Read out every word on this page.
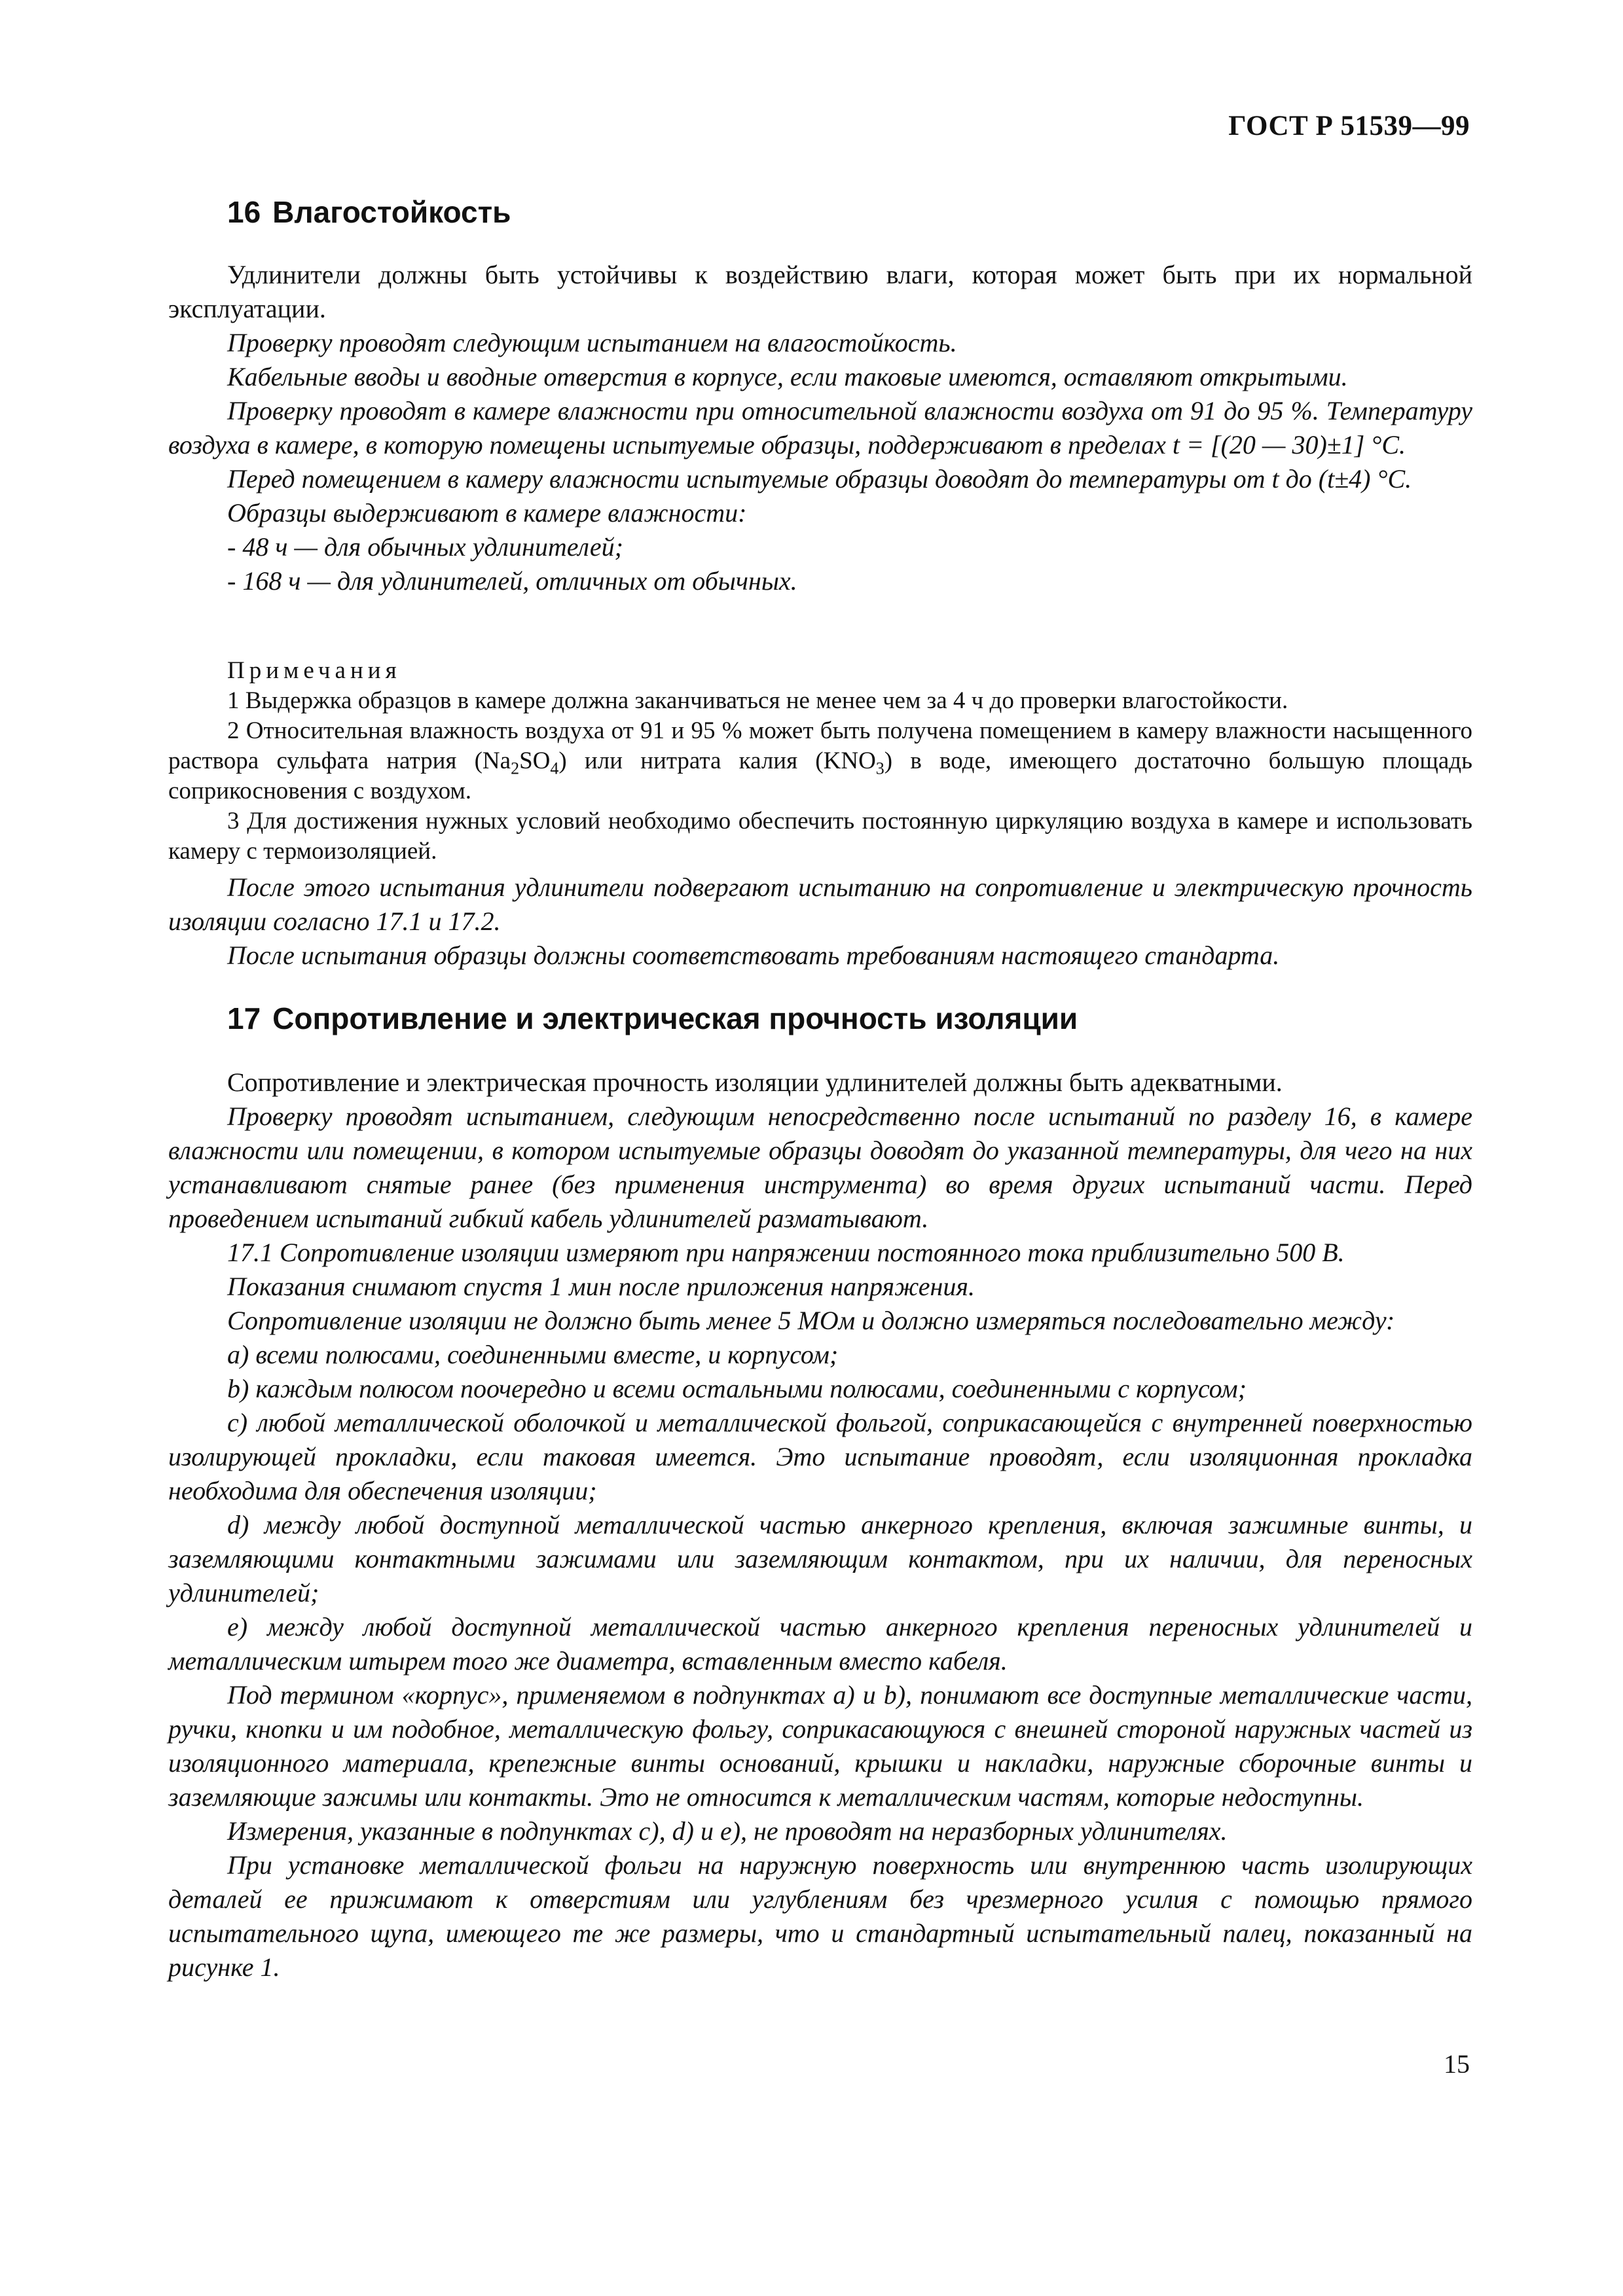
ГОСТ Р 51539—99
16 Влагостойкость

Удлинители должны быть устойчивы к воздействию влаги, которая может быть при их нормальной эксплуатации.

Проверку проводят следующим испытанием на влагостойкость.

Кабельные вводы и вводные отверстия в корпусе, если таковые имеются, оставляют открытыми.

Проверку проводят в камере влажности при относительной влажности воздуха от 91 до 95 %. Температуру воздуха в камере, в которую помещены испытуемые образцы, поддерживают в пределах t = [(20 — 30)±1] °C.

Перед помещением в камеру влажности испытуемые образцы доводят до температуры от t до (t±4) °C.

Образцы выдерживают в камере влажности:

- 48 ч — для обычных удлинителей;

- 168 ч — для удлинителей, отличных от обычных.

Примечания

1 Выдержка образцов в камере должна заканчиваться не менее чем за 4 ч до проверки влагостойкости.

2 Относительная влажность воздуха от 91 и 95 % может быть получена помещением в камеру влажности насыщенного раствора сульфата натрия $(Na_2SO_4)$ или нитрата калия $(KNO_3)$ в воде, имеющего достаточно большую площадь соприкосновения с воздухом.

3 Для достижения нужных условий необходимо обеспечить постоянную циркуляцию воздуха в камере и использовать камеру с термоизоляцией.

После этого испытания удлинители подвергают испытанию на сопротивление и электрическую прочность изоляции согласно 17.1 и 17.2.

После испытания образцы должны соответствовать требованиям настоящего стандарта.

17 Сопротивление и электрическая прочность изоляции

Сопротивление и электрическая прочность изоляции удлинителей должны быть адекватными.

Проверку проводят испытанием, следующим непосредственно после испытаний по разделу 16, в камере влажности или помещении, в котором испытуемые образцы доводят до указанной температуры, для чего на них устанавливают снятые ранее (без применения инструмента) во время других испытаний части. Перед проведением испытаний гибкий кабель удлинителей разматывают.

17.1 Сопротивление изоляции измеряют при напряжении постоянного тока приблизительно 500 В.

Показания снимают спустя 1 мин после приложения напряжения.

Сопротивление изоляции не должно быть менее 5 МОм и должно измеряться последовательно между:

a) всеми полюсами, соединенными вместе, и корпусом;

b) каждым полюсом поочередно и всеми остальными полюсами, соединенными с корпусом;

c) любой металлической оболочкой и металлической фольгой, соприкасающейся с внутренней поверхностью изолирующей прокладки, если таковая имеется. Это испытание проводят, если изоляционная прокладка необходима для обеспечения изоляции;

d) между любой доступной металлической частью анкерного крепления, включая зажимные винты, и заземляющими контактными зажимами или заземляющим контактом, при их наличии, для переносных удлинителей;

e) между любой доступной металлической частью анкерного крепления переносных удлинителей и металлическим штырем того же диаметра, вставленным вместо кабеля.

Под термином «корпус», применяемом в подпунктах a) и b), понимают все доступные металлические части, ручки, кнопки и им подобное, металлическую фольгу, соприкасающуюся с внешней стороной наружных частей из изоляционного материала, крепежные винты оснований, крышки и накладки, наружные сборочные винты и заземляющие зажимы или контакты. Это не относится к металлическим частям, которые недоступны.

Измерения, указанные в подпунктах c), d) и e), не проводят на неразборных удлинителях.

При установке металлической фольги на наружную поверхность или внутреннюю часть изолирующих деталей ее прижимают к отверстиям или углублениям без чрезмерного усилия с помощью прямого испытательного щупа, имеющего те же размеры, что и стандартный испытательный палец, показанный на рисунке 1.

15
